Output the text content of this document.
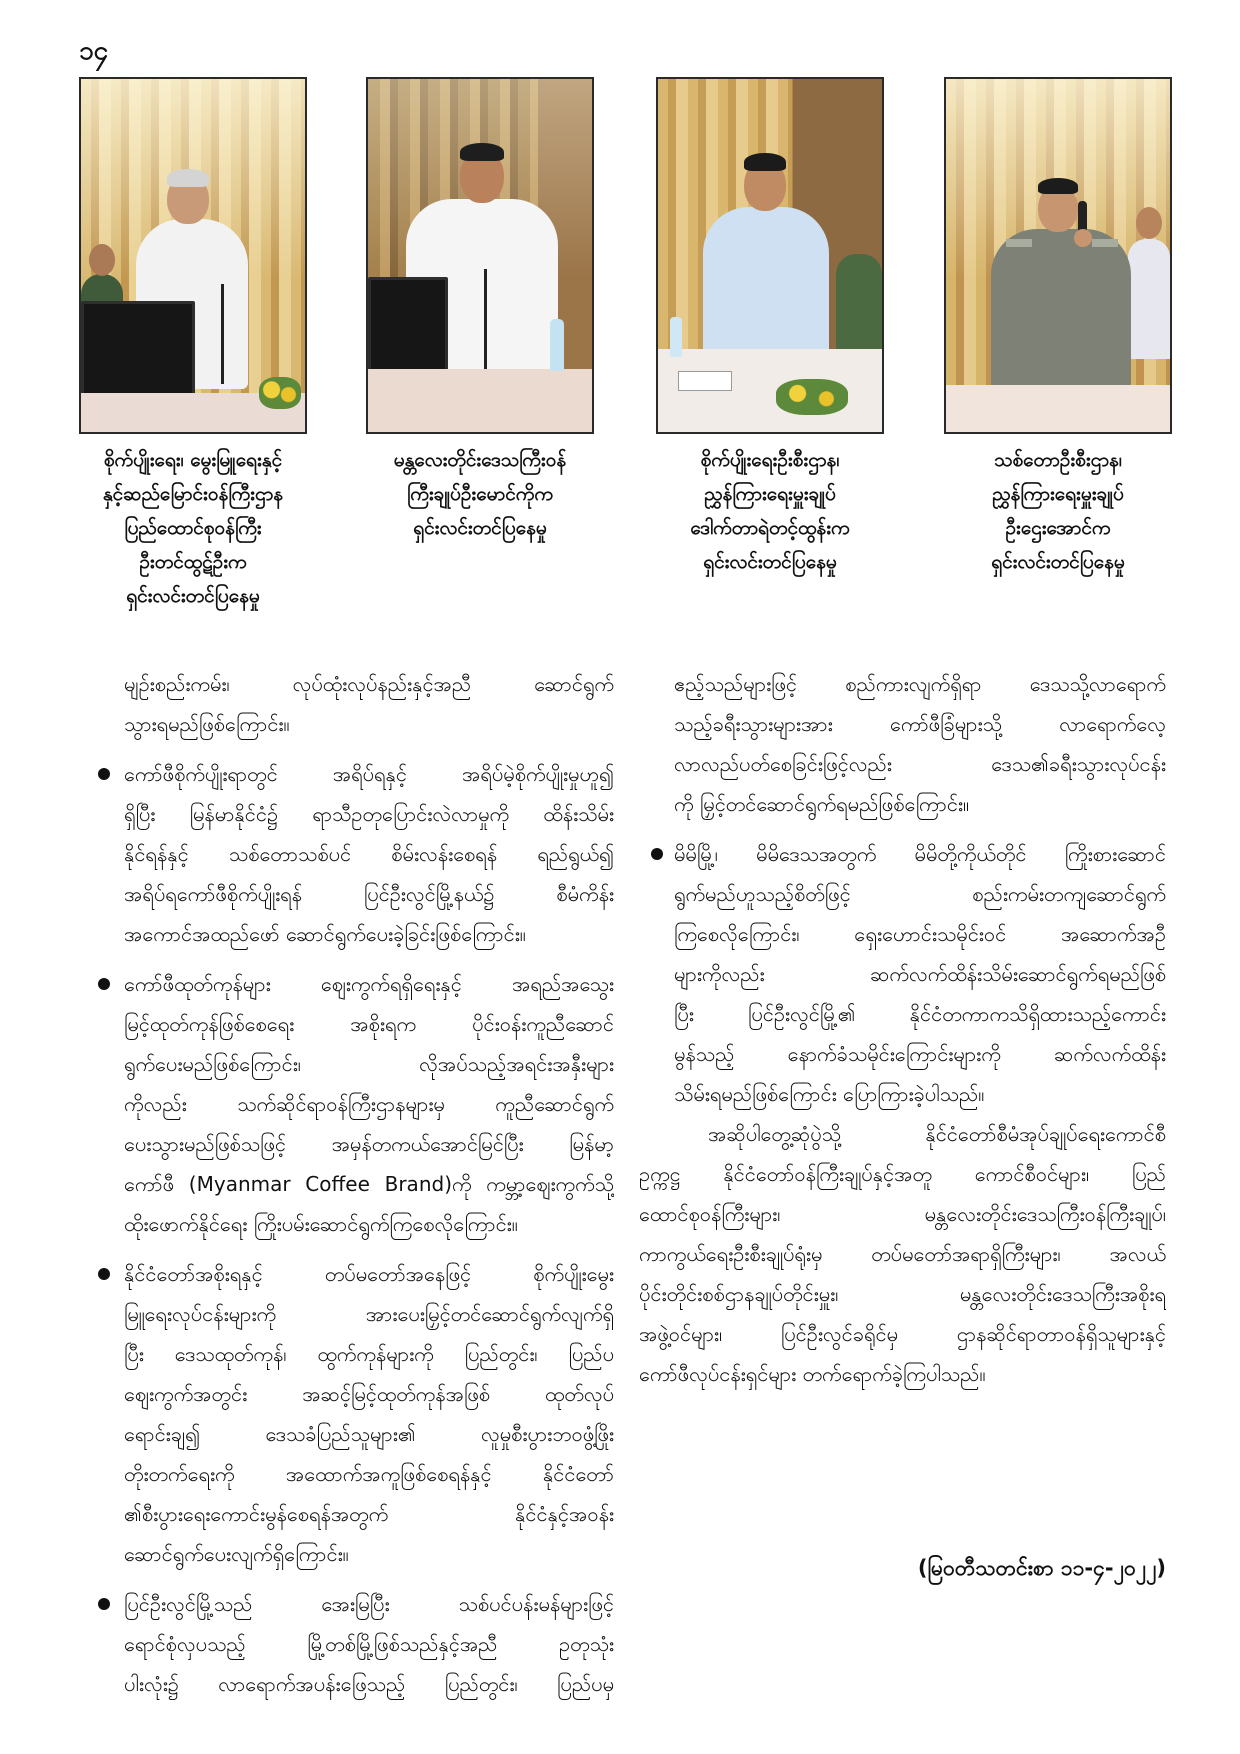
၁၄
စိုက်ပျိုးရေး၊ မွေးမြူရေးနှင့်
နှင့်ဆည်မြောင်းဝန်ကြီးဌာန
ပြည်ထောင်စုဝန်ကြီး
ဦးတင်ထွဋ်ဦးက
ရှင်းလင်းတင်ပြနေမှု
မန္တလေးတိုင်းဒေသကြီးဝန်
ကြီးချုပ်ဦးမောင်ကိုက
ရှင်းလင်းတင်ပြနေမှု
စိုက်ပျိုးရေးဦးစီးဌာန၊
ညွှန်ကြားရေးမှူးချုပ်
ဒေါက်တာရဲတင့်ထွန်းက
ရှင်းလင်းတင်ပြနေမှု
သစ်တောဦးစီးဌာန၊
ညွှန်ကြားရေးမှူးချုပ်
ဦးဌေးအောင်က
ရှင်းလင်းတင်ပြနေမှု
မျဉ်းစည်းကမ်း၊ လုပ်ထုံးလုပ်နည်းနှင့်အညီ ဆောင်ရွက်
သွားရမည်ဖြစ်ကြောင်း။
ကော်ဖီစိုက်ပျိုးရာတွင် အရိပ်ရနှင့် အရိပ်မဲ့စိုက်ပျိုးမှုဟူ၍
ရှိပြီး မြန်မာနိုင်ငံ၌ ရာသီဥတုပြောင်းလဲလာမှုကို ထိန်းသိမ်း
နိုင်ရန်နှင့် သစ်တောသစ်ပင် စိမ်းလန်းစေရန် ရည်ရွယ်၍
အရိပ်ရကော်ဖီစိုက်ပျိုးရန် ပြင်ဦးလွင်မြို့နယ်၌ စီမံကိန်း
အကောင်အထည်ဖော် ဆောင်ရွက်ပေးခဲ့ခြင်းဖြစ်ကြောင်း။
ကော်ဖီထုတ်ကုန်များ ဈေးကွက်ရရှိရေးနှင့် အရည်အသွေး
မြင့်ထုတ်ကုန်ဖြစ်စေရေး အစိုးရက ပိုင်းဝန်းကူညီဆောင်
ရွက်ပေးမည်ဖြစ်ကြောင်း၊ လိုအပ်သည့်အရင်းအနှီးများ
ကိုလည်း သက်ဆိုင်ရာဝန်ကြီးဌာနများမှ ကူညီဆောင်ရွက်
ပေးသွားမည်ဖြစ်သဖြင့် အမှန်တကယ်အောင်မြင်ပြီး မြန်မာ့
ကော်ဖီ (Myanmar Coffee Brand)ကို ကမ္ဘာ့ဈေးကွက်သို့
ထိုးဖောက်နိုင်ရေး ကြိုးပမ်းဆောင်ရွက်ကြစေလိုကြောင်း။
နိုင်ငံတော်အစိုးရနှင့် တပ်မတော်အနေဖြင့် စိုက်ပျိုးမွေး
မြူရေးလုပ်ငန်းများကို အားပေးမြှင့်တင်ဆောင်ရွက်လျက်ရှိ
ပြီး ဒေသထုတ်ကုန်၊ ထွက်ကုန်များကို ပြည်တွင်း၊ ပြည်ပ
ဈေးကွက်အတွင်း အဆင့်မြင့်ထုတ်ကုန်အဖြစ် ထုတ်လုပ်
ရောင်းချ၍ ဒေသခံပြည်သူများ၏ လူမှုစီးပွားဘဝဖွံ့ဖြိုး
တိုးတက်ရေးကို အထောက်အကူဖြစ်စေရန်နှင့် နိုင်ငံတော်
၏စီးပွားရေးကောင်းမွန်စေရန်အတွက် နိုင်ငံနှင့်အဝန်း
ဆောင်ရွက်ပေးလျက်ရှိကြောင်း။
ပြင်ဦးလွင်မြို့သည် အေးမြပြီး သစ်ပင်ပန်းမန်များဖြင့်
ရောင်စုံလှပသည့် မြို့တစ်မြို့ဖြစ်သည်နှင့်အညီ ဥတုသုံး
ပါးလုံး၌ လာရောက်အပန်းဖြေသည့် ပြည်တွင်း၊ ပြည်ပမှ
ဧည့်သည်များဖြင့် စည်ကားလျက်ရှိရာ ဒေသသို့လာရောက်
သည့်ခရီးသွားများအား ကော်ဖီခြံများသို့ လာရောက်လေ့
လာလည်ပတ်စေခြင်းဖြင့်လည်း ဒေသ၏ခရီးသွားလုပ်ငန်း
ကို မြှင့်တင်ဆောင်ရွက်ရမည်ဖြစ်ကြောင်း။
မိမိမြို့၊ မိမိဒေသအတွက် မိမိတို့ကိုယ်တိုင် ကြိုးစားဆောင်
ရွက်မည်ဟူသည့်စိတ်ဖြင့် စည်းကမ်းတကျဆောင်ရွက်
ကြစေလိုကြောင်း၊ ရှေးဟောင်းသမိုင်းဝင် အဆောက်အဦ
များကိုလည်း ဆက်လက်ထိန်းသိမ်းဆောင်ရွက်ရမည်ဖြစ်
ပြီး ပြင်ဦးလွင်မြို့၏ နိုင်ငံတကာကသိရှိထားသည့်ကောင်း
မွန်သည့် နောက်ခံသမိုင်းကြောင်းများကို ဆက်လက်ထိန်း
သိမ်းရမည်ဖြစ်ကြောင်း ပြောကြားခဲ့ပါသည်။
အဆိုပါတွေ့ဆုံပွဲသို့ နိုင်ငံတော်စီမံအုပ်ချုပ်ရေးကောင်စီ
ဥက္ကဋ္ဌ နိုင်ငံတော်ဝန်ကြီးချုပ်နှင့်အတူ ကောင်စီဝင်များ၊ ပြည်
ထောင်စုဝန်ကြီးများ၊ မန္တလေးတိုင်းဒေသကြီးဝန်ကြီးချုပ်၊
ကာကွယ်ရေးဦးစီးချုပ်ရုံးမှ တပ်မတော်အရာရှိကြီးများ၊ အလယ်
ပိုင်းတိုင်းစစ်ဌာနချုပ်တိုင်းမှူး၊ မန္တလေးတိုင်းဒေသကြီးအစိုးရ
အဖွဲ့ဝင်များ၊ ပြင်ဦးလွင်ခရိုင်မှ ဌာနဆိုင်ရာတာဝန်ရှိသူများနှင့်
ကော်ဖီလုပ်ငန်းရှင်များ တက်ရောက်ခဲ့ကြပါသည်။
(မြဝတီသတင်းစာ ၁၁-၄-၂၀၂၂)
